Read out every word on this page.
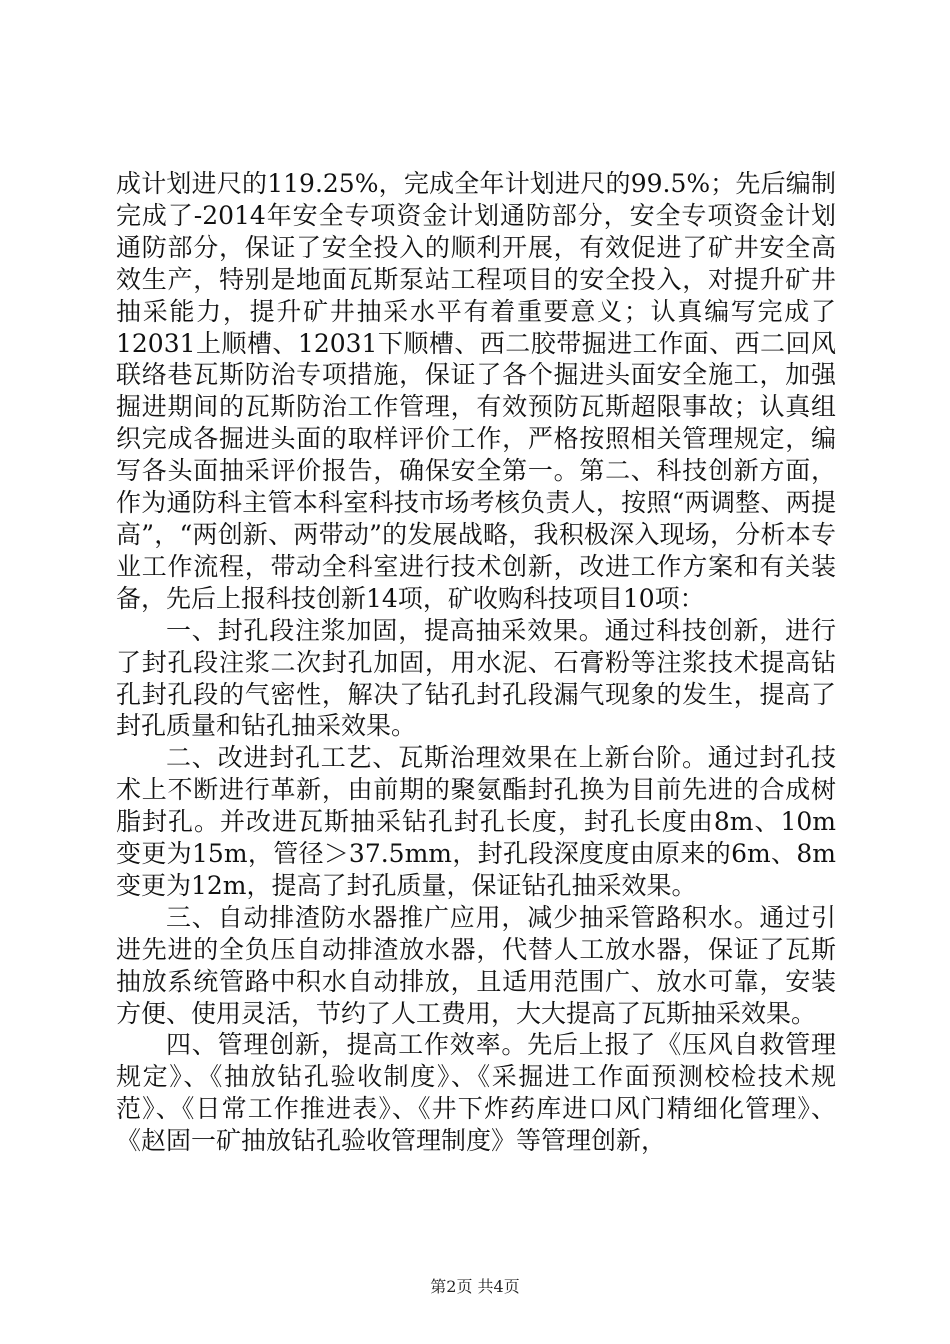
成计划进尺的119.25%，完成全年计划进尺的99.5%；先后编制完成了-2014年安全专项资金计划通防部分，安全专项资金计划通防部分，保证了安全投入的顺利开展，有效促进了矿井安全高效生产，特别是地面瓦斯泵站工程项目的安全投入，对提升矿井抽采能力，提升矿井抽采水平有着重要意义；认真编写完成了12031上顺槽、12031下顺槽、西二胶带掘进工作面、西二回风联络巷瓦斯防治专项措施，保证了各个掘进头面安全施工，加强掘进期间的瓦斯防治工作管理，有效预防瓦斯超限事故；认真组织完成各掘进头面的取样评价工作，严格按照相关管理规定，编写各头面抽采评价报告，确保安全第一。第二、科技创新方面，作为通防科主管本科室科技市场考核负责人，按照“两调整、两提高”，“两创新、两带动”的发展战略，我积极深入现场，分析本专业工作流程，带动全科室进行技术创新，改进工作方案和有关装备，先后上报科技创新14项，矿收购科技项目10项：

一、封孔段注浆加固，提高抽采效果。通过科技创新，进行了封孔段注浆二次封孔加固，用水泥、石膏粉等注浆技术提高钻孔封孔段的气密性，解决了钻孔封孔段漏气现象的发生，提高了封孔质量和钻孔抽采效果。

二、改进封孔工艺、瓦斯治理效果在上新台阶。通过封孔技术上不断进行革新，由前期的聚氨酯封孔换为目前先进的合成树脂封孔。并改进瓦斯抽采钻孔封孔长度，封孔长度由8m、10m变更为15m，管径＞37.5mm，封孔段深度度由原来的6m、8m变更为12m，提高了封孔质量，保证钻孔抽采效果。

三、自动排渣防水器推广应用，减少抽采管路积水。通过引进先进的全负压自动排渣放水器，代替人工放水器，保证了瓦斯抽放系统管路中积水自动排放，且适用范围广、放水可靠，安装方便、使用灵活，节约了人工费用，大大提高了瓦斯抽采效果。

四、管理创新，提高工作效率。先后上报了《压风自救管理规定》、《抽放钻孔验收制度》、《采掘进工作面预测校检技术规范》、《日常工作推进表》、《井下炸药库进口风门精细化管理》、《赵固一矿抽放钻孔验收管理制度》等管理创新，

第2页 共4页
